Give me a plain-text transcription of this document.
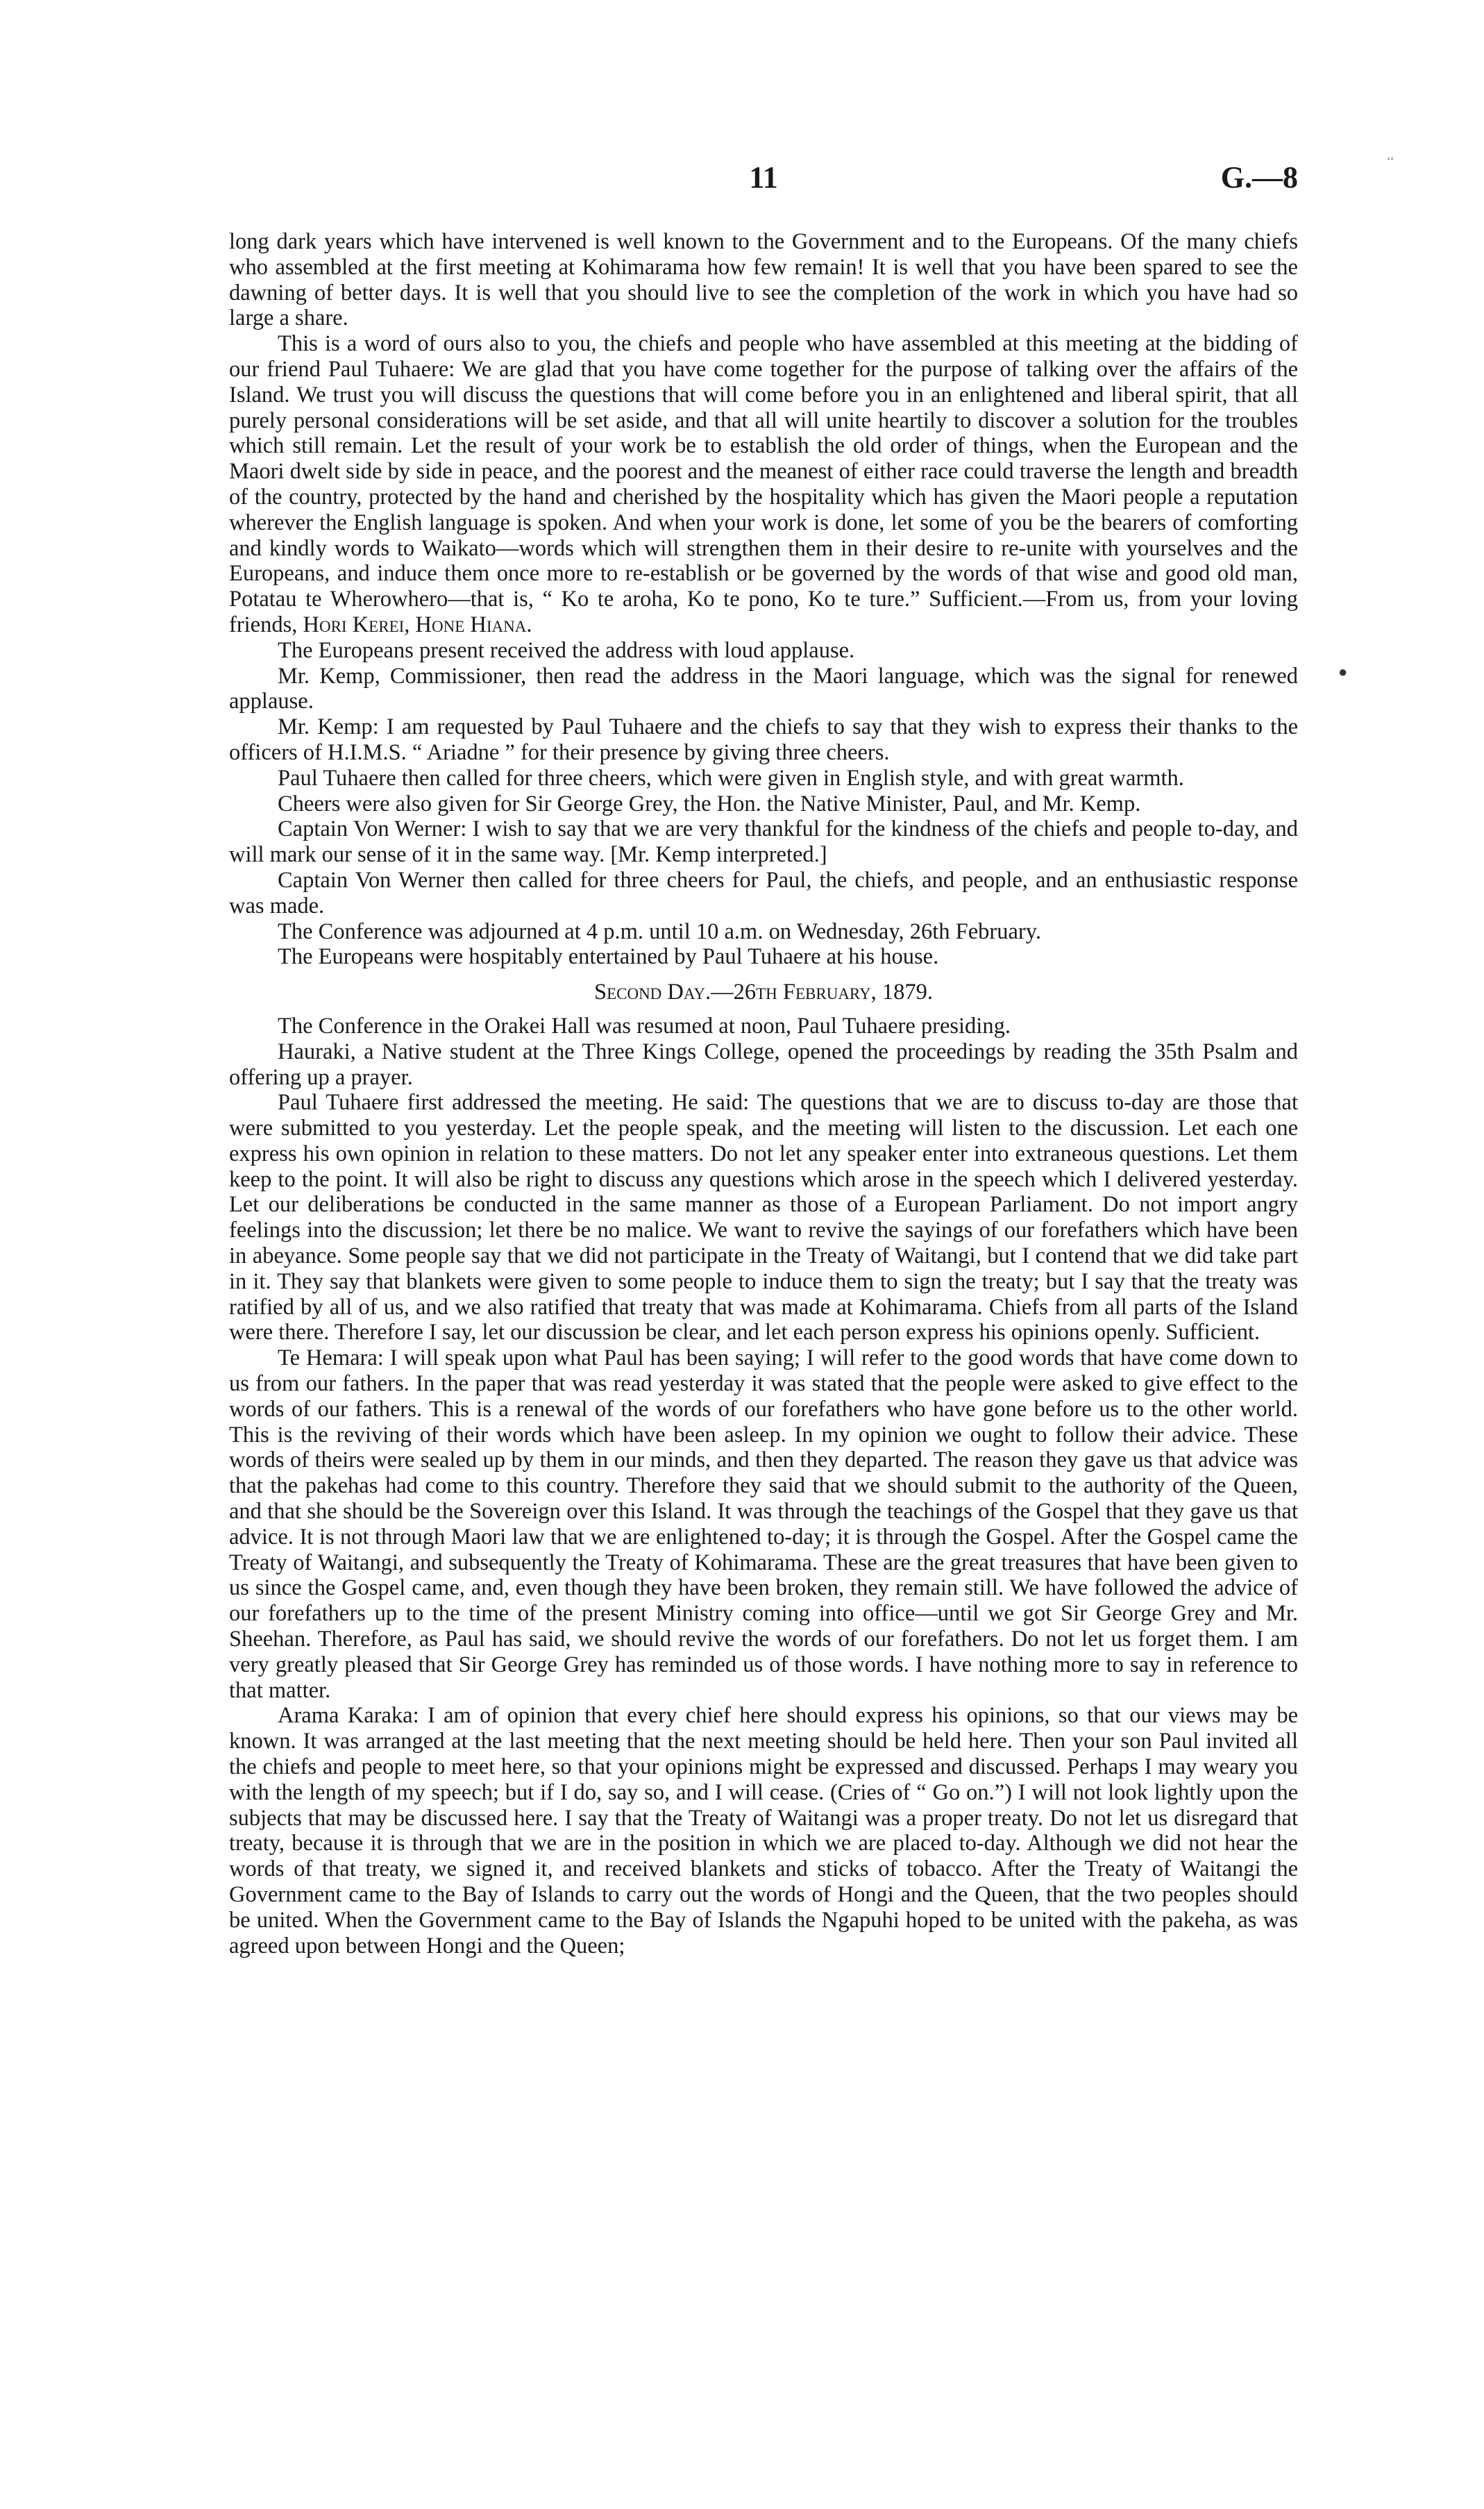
‘‘
11	G.—8
●

long dark years which have intervened is well known to the Government and to the Europeans. Of the many chiefs who assembled at the first meeting at Kohimarama how few remain! It is well that you have been spared to see the dawning of better days. It is well that you should live to see the completion of the work in which you have had so large a share.

This is a word of ours also to you, the chiefs and people who have assembled at this meeting at the bidding of our friend Paul Tuhaere: We are glad that you have come together for the purpose of talking over the affairs of the Island. We trust you will discuss the questions that will come before you in an enlightened and liberal spirit, that all purely personal considerations will be set aside, and that all will unite heartily to discover a solution for the troubles which still remain. Let the result of your work be to establish the old order of things, when the European and the Maori dwelt side by side in peace, and the poorest and the meanest of either race could traverse the length and breadth of the country, protected by the hand and cherished by the hospitality which has given the Maori people a reputation wherever the English language is spoken. And when your work is done, let some of you be the bearers of comforting and kindly words to Waikato—words which will strengthen them in their desire to re-unite with yourselves and the Europeans, and induce them once more to re-establish or be governed by the words of that wise and good old man, Potatau te Wherowhero—that is, “ Ko te aroha, Ko te pono, Ko te ture.” Sufficient.—From us, from your loving friends, Hori Kerei, Hone Hiana.

The Europeans present received the address with loud applause.

Mr. Kemp, Commissioner, then read the address in the Maori language, which was the signal for renewed applause.

Mr. Kemp: I am requested by Paul Tuhaere and the chiefs to say that they wish to express their thanks to the officers of H.I.M.S. “ Ariadne ” for their presence by giving three cheers.

Paul Tuhaere then called for three cheers, which were given in English style, and with great warmth.

Cheers were also given for Sir George Grey, the Hon. the Native Minister, Paul, and Mr. Kemp.

Captain Von Werner: I wish to say that we are very thankful for the kindness of the chiefs and people to-day, and will mark our sense of it in the same way. [Mr. Kemp interpreted.]

Captain Von Werner then called for three cheers for Paul, the chiefs, and people, and an enthusiastic response was made.

The Conference was adjourned at 4 p.m. until 10 a.m. on Wednesday, 26th February.

The Europeans were hospitably entertained by Paul Tuhaere at his house.

Second Day.—26th February, 1879.

The Conference in the Orakei Hall was resumed at noon, Paul Tuhaere presiding.

Hauraki, a Native student at the Three Kings College, opened the proceedings by reading the 35th Psalm and offering up a prayer.

Paul Tuhaere first addressed the meeting. He said: The questions that we are to discuss to-day are those that were submitted to you yesterday. Let the people speak, and the meeting will listen to the discussion. Let each one express his own opinion in relation to these matters. Do not let any speaker enter into extraneous questions. Let them keep to the point. It will also be right to discuss any questions which arose in the speech which I delivered yesterday. Let our deliberations be conducted in the same manner as those of a European Parliament. Do not import angry feelings into the discussion; let there be no malice. We want to revive the sayings of our forefathers which have been in abeyance. Some people say that we did not participate in the Treaty of Waitangi, but I contend that we did take part in it. They say that blankets were given to some people to induce them to sign the treaty; but I say that the treaty was ratified by all of us, and we also ratified that treaty that was made at Kohimarama. Chiefs from all parts of the Island were there. Therefore I say, let our discussion be clear, and let each person express his opinions openly. Sufficient.

Te Hemara: I will speak upon what Paul has been saying; I will refer to the good words that have come down to us from our fathers. In the paper that was read yesterday it was stated that the people were asked to give effect to the words of our fathers. This is a renewal of the words of our forefathers who have gone before us to the other world. This is the reviving of their words which have been asleep. In my opinion we ought to follow their advice. These words of theirs were sealed up by them in our minds, and then they departed. The reason they gave us that advice was that the pakehas had come to this country. Therefore they said that we should submit to the authority of the Queen, and that she should be the Sovereign over this Island. It was through the teachings of the Gospel that they gave us that advice. It is not through Maori law that we are enlightened to-day; it is through the Gospel. After the Gospel came the Treaty of Waitangi, and subsequently the Treaty of Kohimarama. These are the great treasures that have been given to us since the Gospel came, and, even though they have been broken, they remain still. We have followed the advice of our forefathers up to the time of the present Ministry coming into office—until we got Sir George Grey and Mr. Sheehan. Therefore, as Paul has said, we should revive the words of our forefathers. Do not let us forget them. I am very greatly pleased that Sir George Grey has reminded us of those words. I have nothing more to say in reference to that matter.

Arama Karaka: I am of opinion that every chief here should express his opinions, so that our views may be known. It was arranged at the last meeting that the next meeting should be held here. Then your son Paul invited all the chiefs and people to meet here, so that your opinions might be expressed and discussed. Perhaps I may weary you with the length of my speech; but if I do, say so, and I will cease. (Cries of “ Go on.”) I will not look lightly upon the subjects that may be discussed here. I say that the Treaty of Waitangi was a proper treaty. Do not let us disregard that treaty, because it is through that we are in the position in which we are placed to-day. Although we did not hear the words of that treaty, we signed it, and received blankets and sticks of tobacco. After the Treaty of Waitangi the Government came to the Bay of Islands to carry out the words of Hongi and the Queen, that the two peoples should be united. When the Government came to the Bay of Islands the Ngapuhi hoped to be united with the pakeha, as was agreed upon between Hongi and the Queen;
